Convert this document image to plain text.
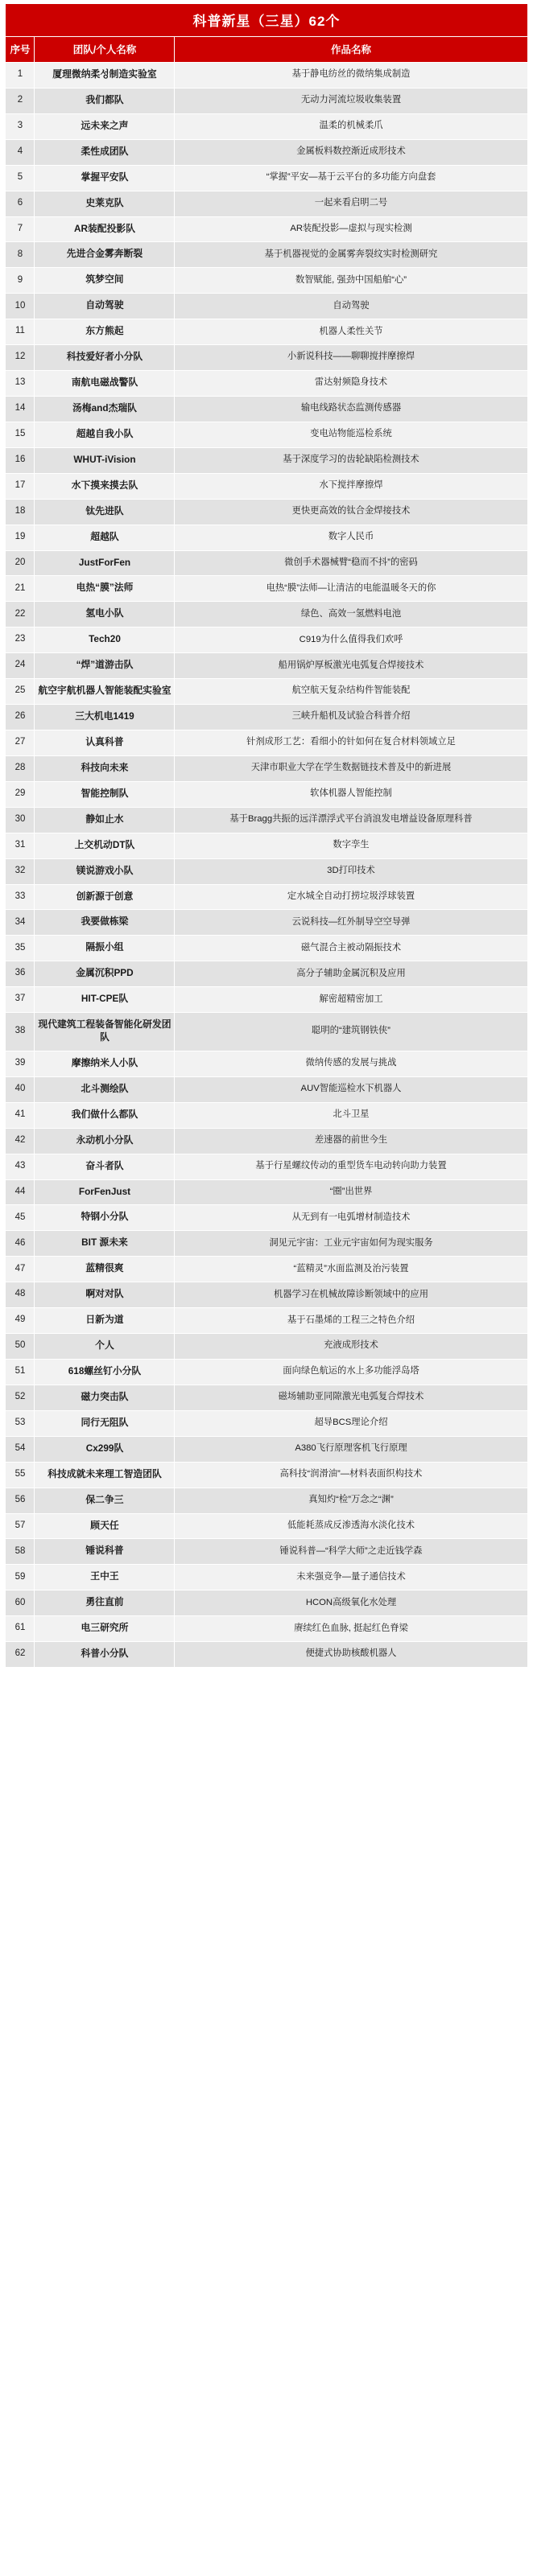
科普新星（三星）62个		
序号	团队/个人名称	作品名称
1	厦理微纳柔성制造实验室	基于静电纺丝的微纳集成制造
2	我们都队	无动力河流垃圾收集装置
3	远未来之声	温柔的机械柔爪
4	柔性成团队	金属板料数控渐近成形技术
5	掌握平安队	“掌握”平安—基于云平台的多功能方向盘套
6	史莱克队	一起来看启明二号
7	AR装配投影队	AR装配投影—虚拟与现实检测
8	先进合金雾奔断裂	基于机器视觉的金属雾奔裂纹实时检测研究
9	筑梦空间	数智赋能, 强劲中国船舶“心”
10	自动驾驶	自动驾驶
11	东方熊起	机器人柔性关节
12	科技爱好者小分队	小新说科技——聊聊搅拌摩擦焊
13	南航电磁战警队	雷达射频隐身技术
14	汤梅and杰瑞队	输电线路状态监测传感器
15	超越自我小队	变电站物能巡检系统
16	WHUT-iVision	基于深度学习的齿轮缺陷检测技术
17	水下摸来摸去队	水下搅拌摩擦焊
18	钛先进队	更快更高效的钛合金焊接技术
19	超越队	数字人民币
20	JustForFen	微创手术器械臂“稳而不抖”的密码
21	电热“膜”法师	电热“膜”法师—让清洁的电能温暖冬天的你
22	氢电小队	绿色、高效一氢燃料电池
23	Tech20	C919为什么值得我们欢呼
24	“焊”道游击队	船用锅炉厚板激光电弧复合焊接技术
25	航空宇航机器人智能装配实验室	航空航天复杂结构件智能装配
26	三大机电1419	三峡升船机及试验合科普介绍
27	认真科普	针剂成形工艺：看细小的针如何在复合材料领域立足
28	科技向未来	天津市职业大学在学生数据链技术普及中的新进展
29	智能控制队	软体机器人智能控制
30	静如止水	基于Bragg共振的远洋漂浮式平台消浪发电增益设备原理科普
31	上交机动DT队	数字孪生
32	镁说游戏小队	3D打印技术
33	创新源于创意	定水城全自动打捞垃圾浮球装置
34	我要做栋梁	云说科技—红外制导空空导弹
35	隔振小组	磁气混合主被动隔振技术
36	金属沉积PPD	高分子辅助金属沉积及应用
37	HIT-CPE队	解密超精密加工
38	现代建筑工程装备智能化研发团队	聪明的“建筑钢铁侠”
39	摩擦纳米人小队	微纳传感的发展与挑战
40	北斗测绘队	AUV智能巡检水下机器人
41	我们做什么都队	北斗卫星
42	永动机小分队	差速器的前世今生
43	奋斗者队	基于行星螺纹传动的重型货车电动转向助力装置
44	ForFenJust	“圈”出世界
45	特钢小分队	从无到有一电弧增材制造技术
46	BIT 源未来	洞见元宇宙：工业元宇宙如何为现实服务
47	蓝精很爽	“蓝精灵”水面监测及治污装置
48	啊对对队	机器学习在机械故障诊断领域中的应用
49	日新为道	基于石墨烯的工程三之特色介绍
50	个人	充液成形技术
51	618螺丝钉小分队	面向绿色航运的水上多功能浮岛塔
52	磁力突击队	磁场辅助亚同隙激光电弧复合焊技术
53	同行无阻队	超导BCS理论介绍
54	Cx299队	A380飞行原理客机飞行原理
55	科技成就未来理工智造团队	高科技“润滑油”—材料表面织构技术
56	保二争三	真知灼“检”万念之“渊”
57	顾天任	低能耗蒸成反渗透海水淡化技术
58	锤说科普	锤说科普—“科学大师”之走近钱学森
59	王中王	未来强竞争—量子通信技术
60	勇往直前	HCON高级氧化水处理
61	电三研究所	赓续红色血脉, 挺起红色脊梁
62	科普小分队	便捷式协助核酸机器人
